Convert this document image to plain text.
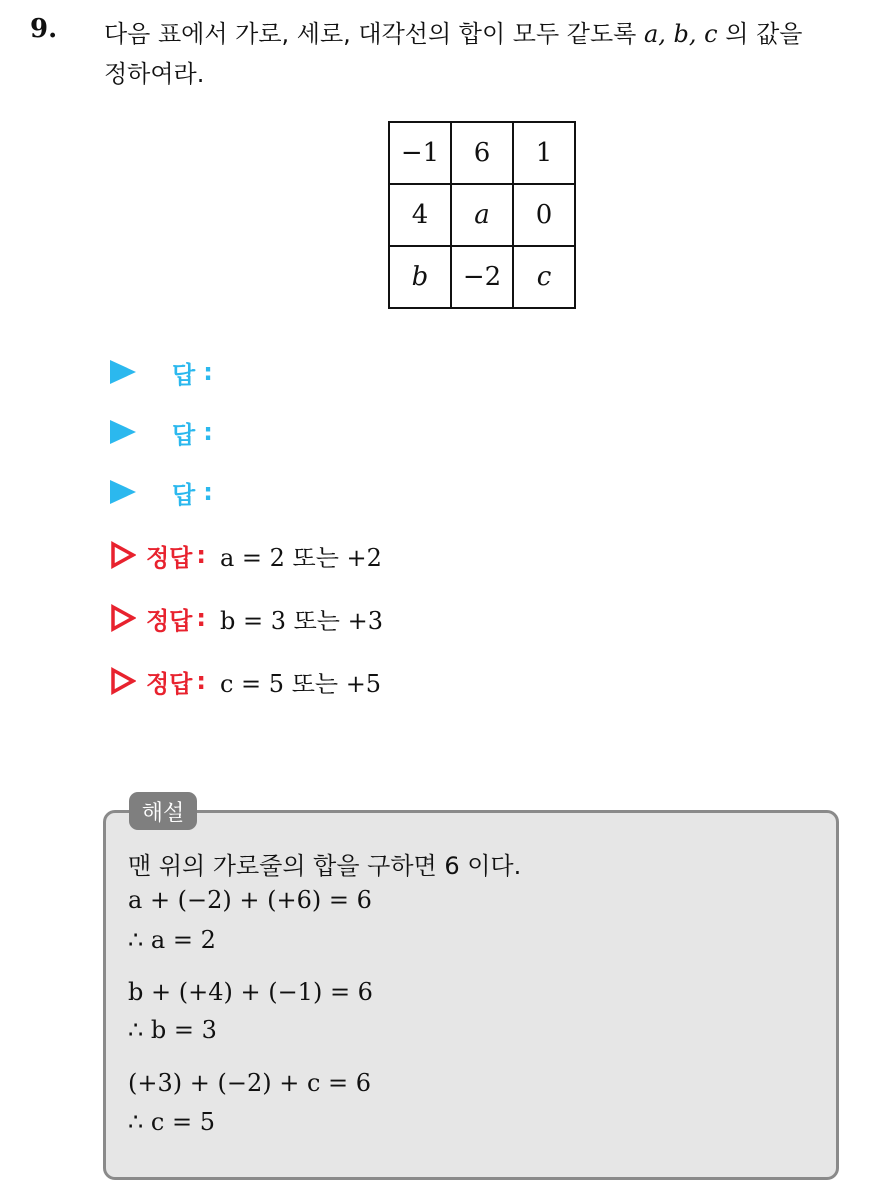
9. 다음 표에서 가로, 세로, 대각선의 합이 모두 같도록 a, b, c 의 값을
정하여라.
−1	6	1
4	a	0
b	−2	c
답 :
답 :
답 :
정답 : a = 2 또는 +2
정답 : b = 3 또는 +3
정답 : c = 5 또는 +5
해설
맨 위의 가로줄의 합을 구하면 6 이다.
a + (−2) + (+6) = 6
∴ a = 2
b + (+4) + (−1) = 6
∴ b = 3
(+3) + (−2) + c = 6
∴ c = 5
